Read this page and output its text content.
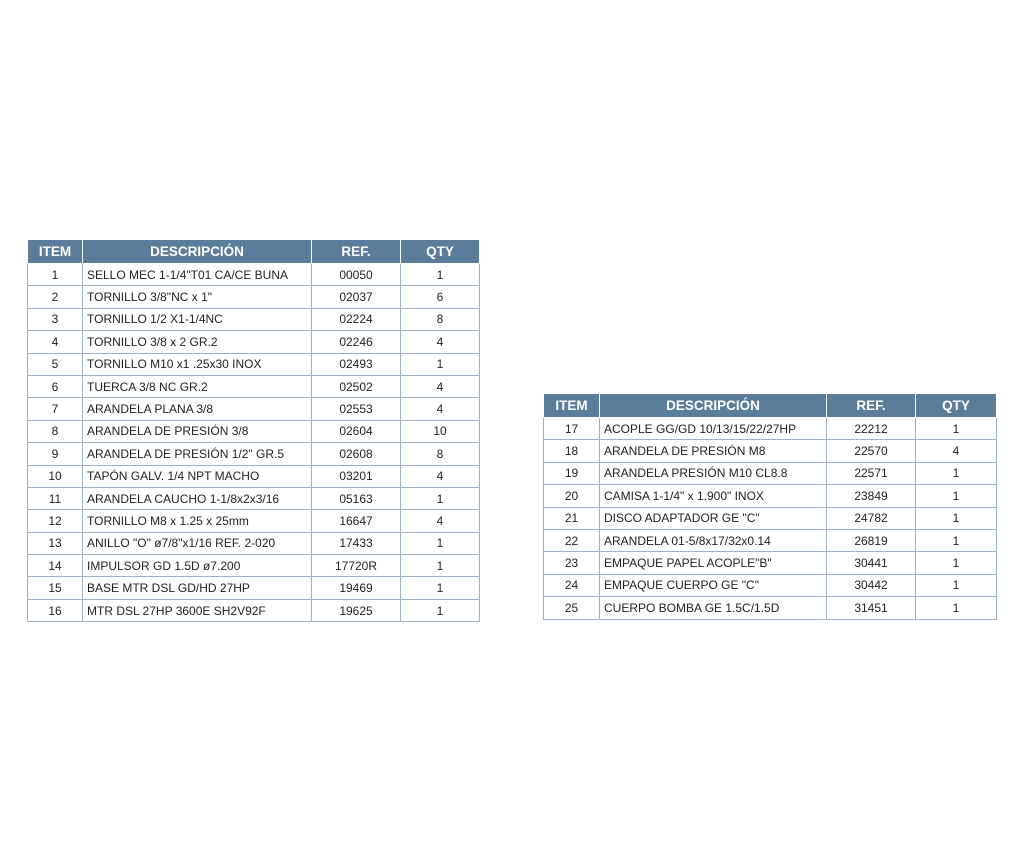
ITEM	DESCRIPCIÓN	REF.	QTY
1	SELLO MEC 1-1/4"T01 CA/CE BUNA	00050	1
2	TORNILLO 3/8"NC x 1"	02037	6
3	TORNILLO 1/2 X1-1/4NC	02224	8
4	TORNILLO 3/8 x 2 GR.2	02246	4
5	TORNILLO M10 x1 .25x30 INOX	02493	1
6	TUERCA 3/8 NC GR.2	02502	4
7	ARANDELA PLANA 3/8	02553	4
8	ARANDELA DE PRESIÓN 3/8	02604	10
9	ARANDELA DE PRESIÓN 1/2" GR.5	02608	8
10	TAPÓN GALV. 1/4 NPT MACHO	03201	4
11	ARANDELA CAUCHO 1-1/8x2x3/16	05163	1
12	TORNILLO M8 x 1.25 x 25mm	16647	4
13	ANILLO "O" ø7/8"x1/16 REF. 2-020	17433	1
14	IMPULSOR GD 1.5D ø7.200	17720R	1
15	BASE MTR DSL GD/HD 27HP	19469	1
16	MTR DSL 27HP 3600E SH2V92F	19625	1
ITEM	DESCRIPCIÓN	REF.	QTY
17	ACOPLE GG/GD 10/13/15/22/27HP	22212	1
18	ARANDELA DE PRESIÓN M8	22570	4
19	ARANDELA PRESIÓN M10 CL8.8	22571	1
20	CAMISA 1-1/4" x 1.900" INOX	23849	1
21	DISCO ADAPTADOR GE "C"	24782	1
22	ARANDELA 01-5/8x17/32x0.14	26819	1
23	EMPAQUE PAPEL ACOPLE"B"	30441	1
24	EMPAQUE CUERPO GE "C"	30442	1
25	CUERPO BOMBA GE 1.5C/1.5D	31451	1
